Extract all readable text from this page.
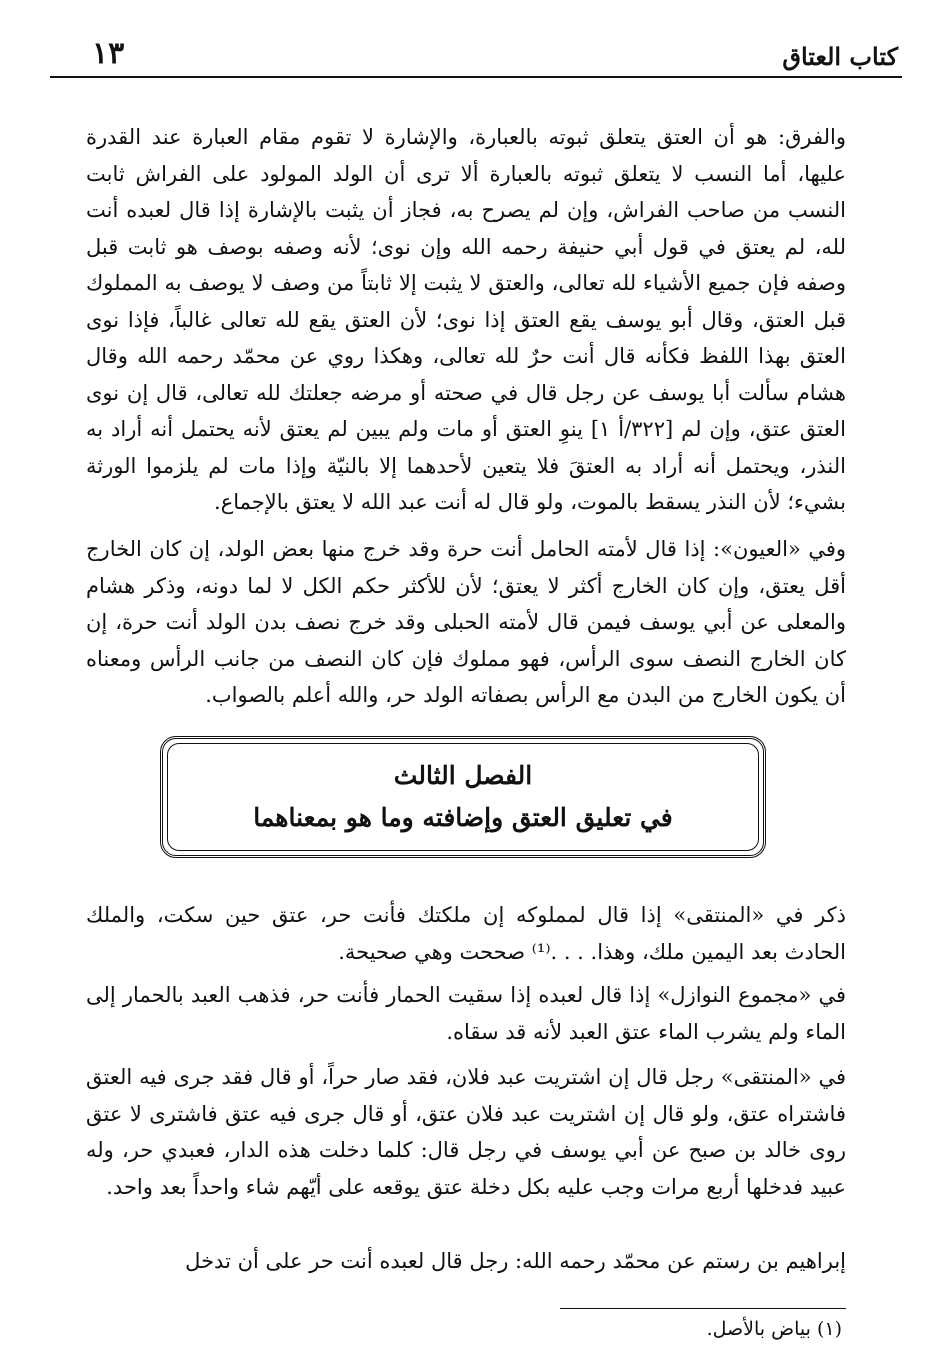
١٣	كتاب العتاق

والفرق: هو أن العتق يتعلق ثبوته بالعبارة، والإشارة لا تقوم مقام العبارة عند القدرة عليها، أما النسب لا يتعلق ثبوته بالعبارة ألا ترى أن الولد المولود على الفراش ثابت النسب من صاحب الفراش، وإن لم يصرح به، فجاز أن يثبت بالإشارة إذا قال لعبده أنت لله، لم يعتق في قول أبي حنيفة رحمه الله وإن نوى؛ لأنه وصفه بوصف هو ثابت قبل وصفه فإن جميع الأشياء لله تعالى، والعتق لا يثبت إلا ثابتاً من وصف لا يوصف به المملوك قبل العتق، وقال أبو يوسف يقع العتق إذا نوى؛ لأن العتق يقع لله تعالى غالباً، فإذا نوى العتق بهذا اللفظ فكأنه قال أنت حرٌ لله تعالى، وهكذا روي عن محمّد رحمه الله وقال هشام سألت أبا يوسف عن رجل قال في صحته أو مرضه جعلتك لله تعالى، قال إن نوى العتق عتق، وإن لم [٣٢٢/أ ١] ينوِ العتق أو مات ولم يبين لم يعتق لأنه يحتمل أنه أراد به النذر، ويحتمل أنه أراد به العتقَ فلا يتعين لأحدهما إلا بالنيّة وإذا مات لم يلزموا الورثة بشيء؛ لأن النذر يسقط بالموت، ولو قال له أنت عبد الله لا يعتق بالإجماع.

وفي «العيون»: إذا قال لأمته الحامل أنت حرة وقد خرج منها بعض الولد، إن كان الخارج أقل يعتق، وإن كان الخارج أكثر لا يعتق؛ لأن للأكثر حكم الكل لا لما دونه، وذكر هشام والمعلى عن أبي يوسف فيمن قال لأمته الحبلى وقد خرج نصف بدن الولد أنت حرة، إن كان الخارج النصف سوى الرأس، فهو مملوك فإن كان النصف من جانب الرأس ومعناه أن يكون الخارج من البدن مع الرأس بصفاته الولد حر، والله أعلم بالصواب.

الفصل الثالث
في تعليق العتق وإضافته وما هو بمعناهما

ذكر في «المنتقى» إذا قال لمملوكه إن ملكتك فأنت حر، عتق حين سكت، والملك الحادث بعد اليمين ملك، وهذا. . . .⁽¹⁾ صححت وهي صحيحة.

في «مجموع النوازل» إذا قال لعبده إذا سقيت الحمار فأنت حر، فذهب العبد بالحمار إلى الماء ولم يشرب الماء عتق العبد لأنه قد سقاه.

في «المنتقى» رجل قال إن اشتريت عبد فلان، فقد صار حراً، أو قال فقد جرى فيه العتق فاشتراه عتق، ولو قال إن اشتريت عبد فلان عتق، أو قال جرى فيه عتق فاشترى لا عتق روى خالد بن صبح عن أبي يوسف في رجل قال: كلما دخلت هذه الدار، فعبدي حر، وله عبيد فدخلها أربع مرات وجب عليه بكل دخلة عتق يوقعه على أيّهم شاء واحداً بعد واحد.

إبراهيم بن رستم عن محمّد رحمه الله: رجل قال لعبده أنت حر على أن تدخل

(١) بياض بالأصل.
